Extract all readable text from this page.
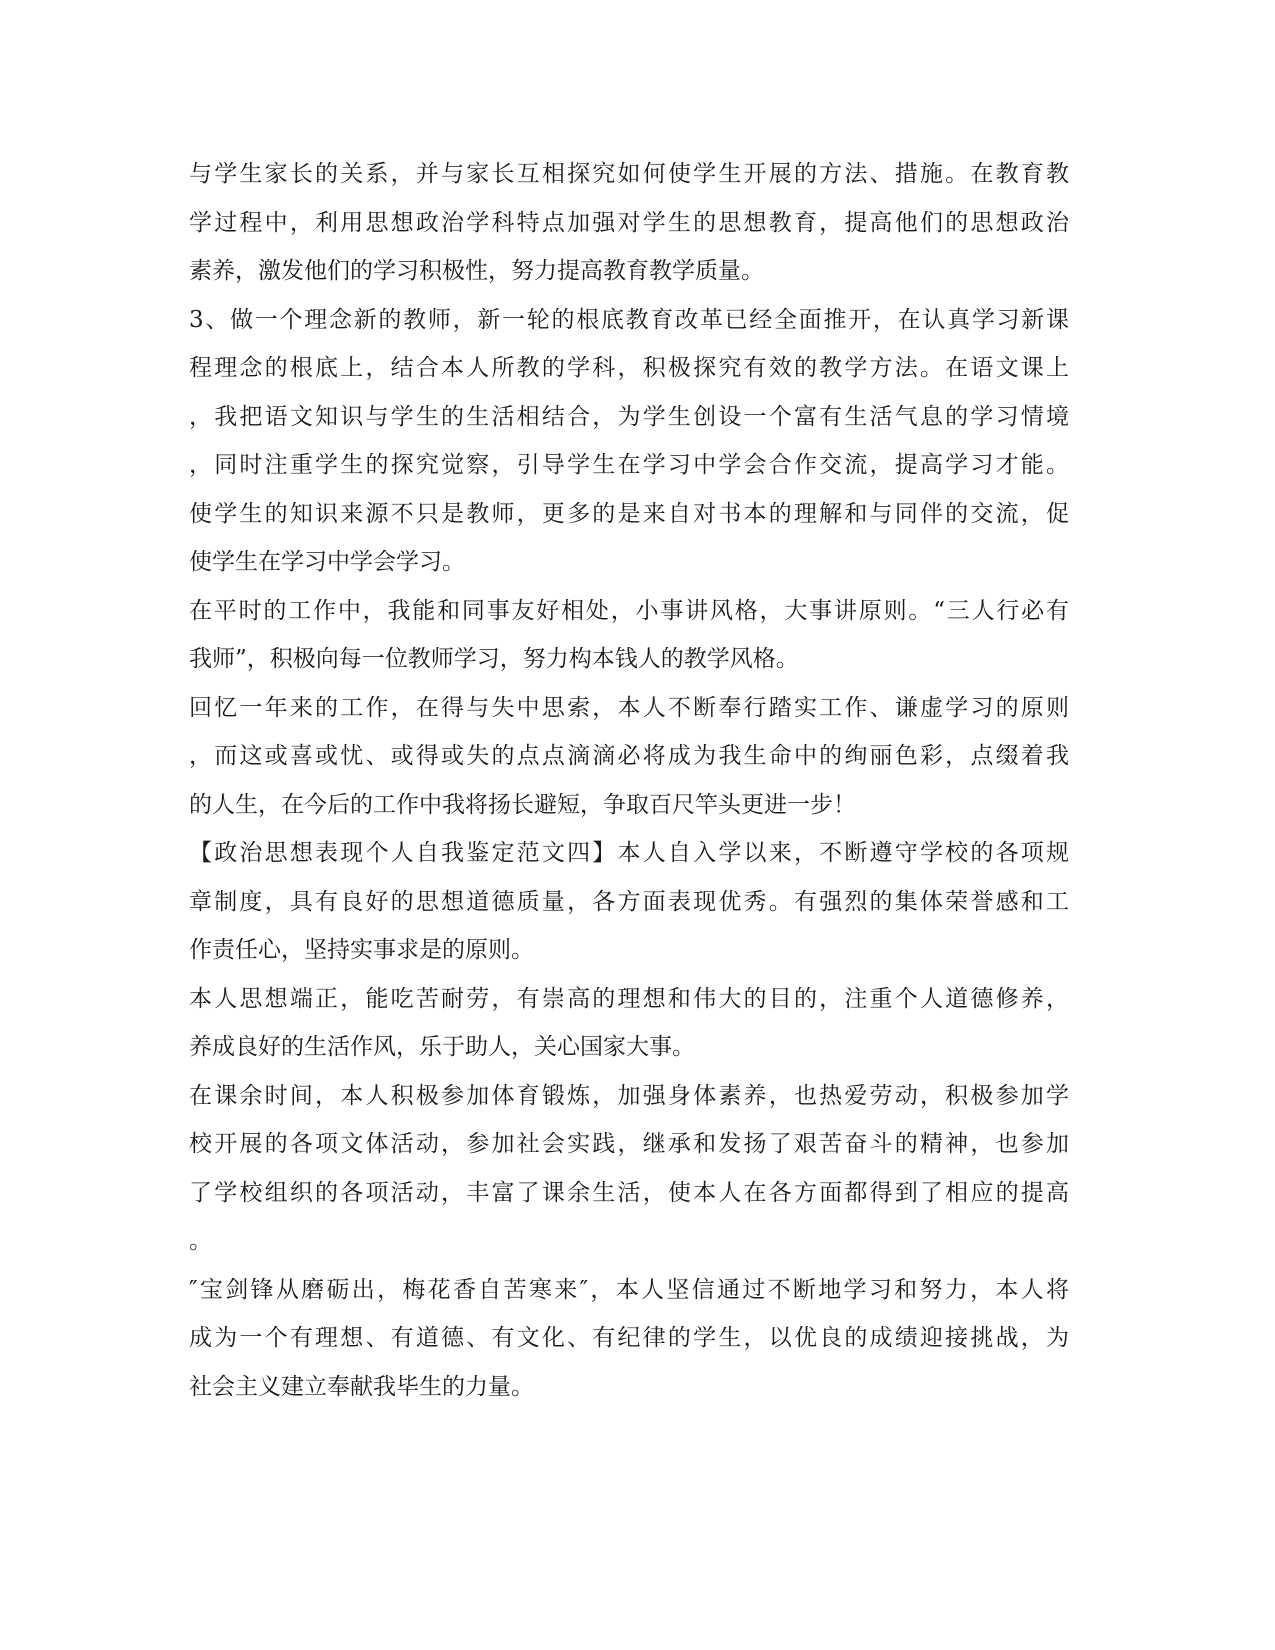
与学生家长的关系，并与家长互相探究如何使学生开展的方法、措施。在教育教
学过程中，利用思想政治学科特点加强对学生的思想教育，提高他们的思想政治
素养，激发他们的学习积极性，努力提高教育教学质量。
3、做一个理念新的教师，新一轮的根底教育改革已经全面推开，在认真学习新课
程理念的根底上，结合本人所教的学科，积极探究有效的教学方法。在语文课上
，我把语文知识与学生的生活相结合，为学生创设一个富有生活气息的学习情境
，同时注重学生的探究觉察，引导学生在学习中学会合作交流，提高学习才能。
使学生的知识来源不只是教师，更多的是来自对书本的理解和与同伴的交流，促
使学生在学习中学会学习。
在平时的工作中，我能和同事友好相处，小事讲风格，大事讲原则。“三人行必有
我师”，积极向每一位教师学习，努力构本钱人的教学风格。
回忆一年来的工作，在得与失中思索，本人不断奉行踏实工作、谦虚学习的原则
，而这或喜或忧、或得或失的点点滴滴必将成为我生命中的绚丽色彩，点缀着我
的人生，在今后的工作中我将扬长避短，争取百尺竿头更进一步！
【政治思想表现个人自我鉴定范文四】本人自入学以来，不断遵守学校的各项规
章制度，具有良好的思想道德质量，各方面表现优秀。有强烈的集体荣誉感和工
作责任心，坚持实事求是的原则。
本人思想端正，能吃苦耐劳，有崇高的理想和伟大的目的，注重个人道德修养，
养成良好的生活作风，乐于助人，关心国家大事。
在课余时间，本人积极参加体育锻炼，加强身体素养，也热爱劳动，积极参加学
校开展的各项文体活动，参加社会实践，继承和发扬了艰苦奋斗的精神，也参加
了学校组织的各项活动，丰富了课余生活，使本人在各方面都得到了相应的提高
。
″宝剑锋从磨砺出，梅花香自苦寒来″，本人坚信通过不断地学习和努力，本人将
成为一个有理想、有道德、有文化、有纪律的学生，以优良的成绩迎接挑战，为
社会主义建立奉献我毕生的力量。
